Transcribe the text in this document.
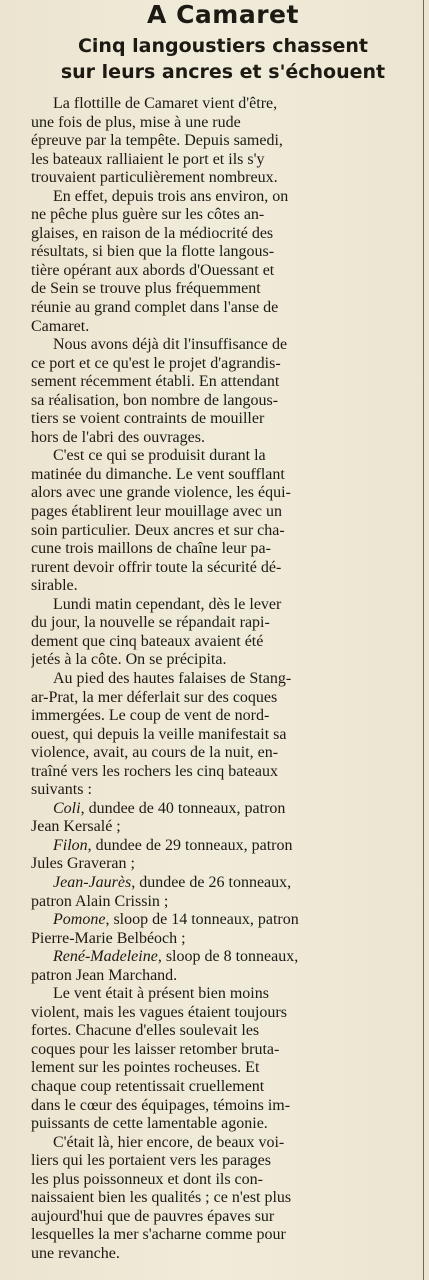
A Camaret
Cinq langoustiers chassent
sur leurs ancres et s'échouent

La flottille de Camaret vient d'être,
une fois de plus, mise à une rude
épreuve par la tempête. Depuis samedi,
les bateaux ralliaient le port et ils s'y
trouvaient particulièrement nombreux.

En effet, depuis trois ans environ, on
ne pêche plus guère sur les côtes an-
glaises, en raison de la médiocrité des
résultats, si bien que la flotte langous-
tière opérant aux abords d'Ouessant et
de Sein se trouve plus fréquemment
réunie au grand complet dans l'anse de
Camaret.

Nous avons déjà dit l'insuffisance de
ce port et ce qu'est le projet d'agrandis-
sement récemment établi. En attendant
sa réalisation, bon nombre de langous-
tiers se voient contraints de mouiller
hors de l'abri des ouvrages.

C'est ce qui se produisit durant la
matinée du dimanche. Le vent soufflant
alors avec une grande violence, les équi-
pages établirent leur mouillage avec un
soin particulier. Deux ancres et sur cha-
cune trois maillons de chaîne leur pa-
rurent devoir offrir toute la sécurité dé-
sirable.

Lundi matin cependant, dès le lever
du jour, la nouvelle se répandait rapi-
dement que cinq bateaux avaient été
jetés à la côte. On se précipita.

Au pied des hautes falaises de Stang-
ar-Prat, la mer déferlait sur des coques
immergées. Le coup de vent de nord-
ouest, qui depuis la veille manifestait sa
violence, avait, au cours de la nuit, en-
traîné vers les rochers les cinq bateaux
suivants :

Coli, dundee de 40 tonneaux, patron
Jean Kersalé ;

Filon, dundee de 29 tonneaux, patron
Jules Graveran ;

Jean-Jaurès, dundee de 26 tonneaux,
patron Alain Crissin ;

Pomone, sloop de 14 tonneaux, patron
Pierre-Marie Belbéoch ;

René-Madeleine, sloop de 8 tonneaux,
patron Jean Marchand.

Le vent était à présent bien moins
violent, mais les vagues étaient toujours
fortes. Chacune d'elles soulevait les
coques pour les laisser retomber bruta-
lement sur les pointes rocheuses. Et
chaque coup retentissait cruellement
dans le cœur des équipages, témoins im-
puissants de cette lamentable agonie.

C'était là, hier encore, de beaux voi-
liers qui les portaient vers les parages
les plus poissonneux et dont ils con-
naissaient bien les qualités ; ce n'est plus
aujourd'hui que de pauvres épaves sur
lesquelles la mer s'acharne comme pour
une revanche.
